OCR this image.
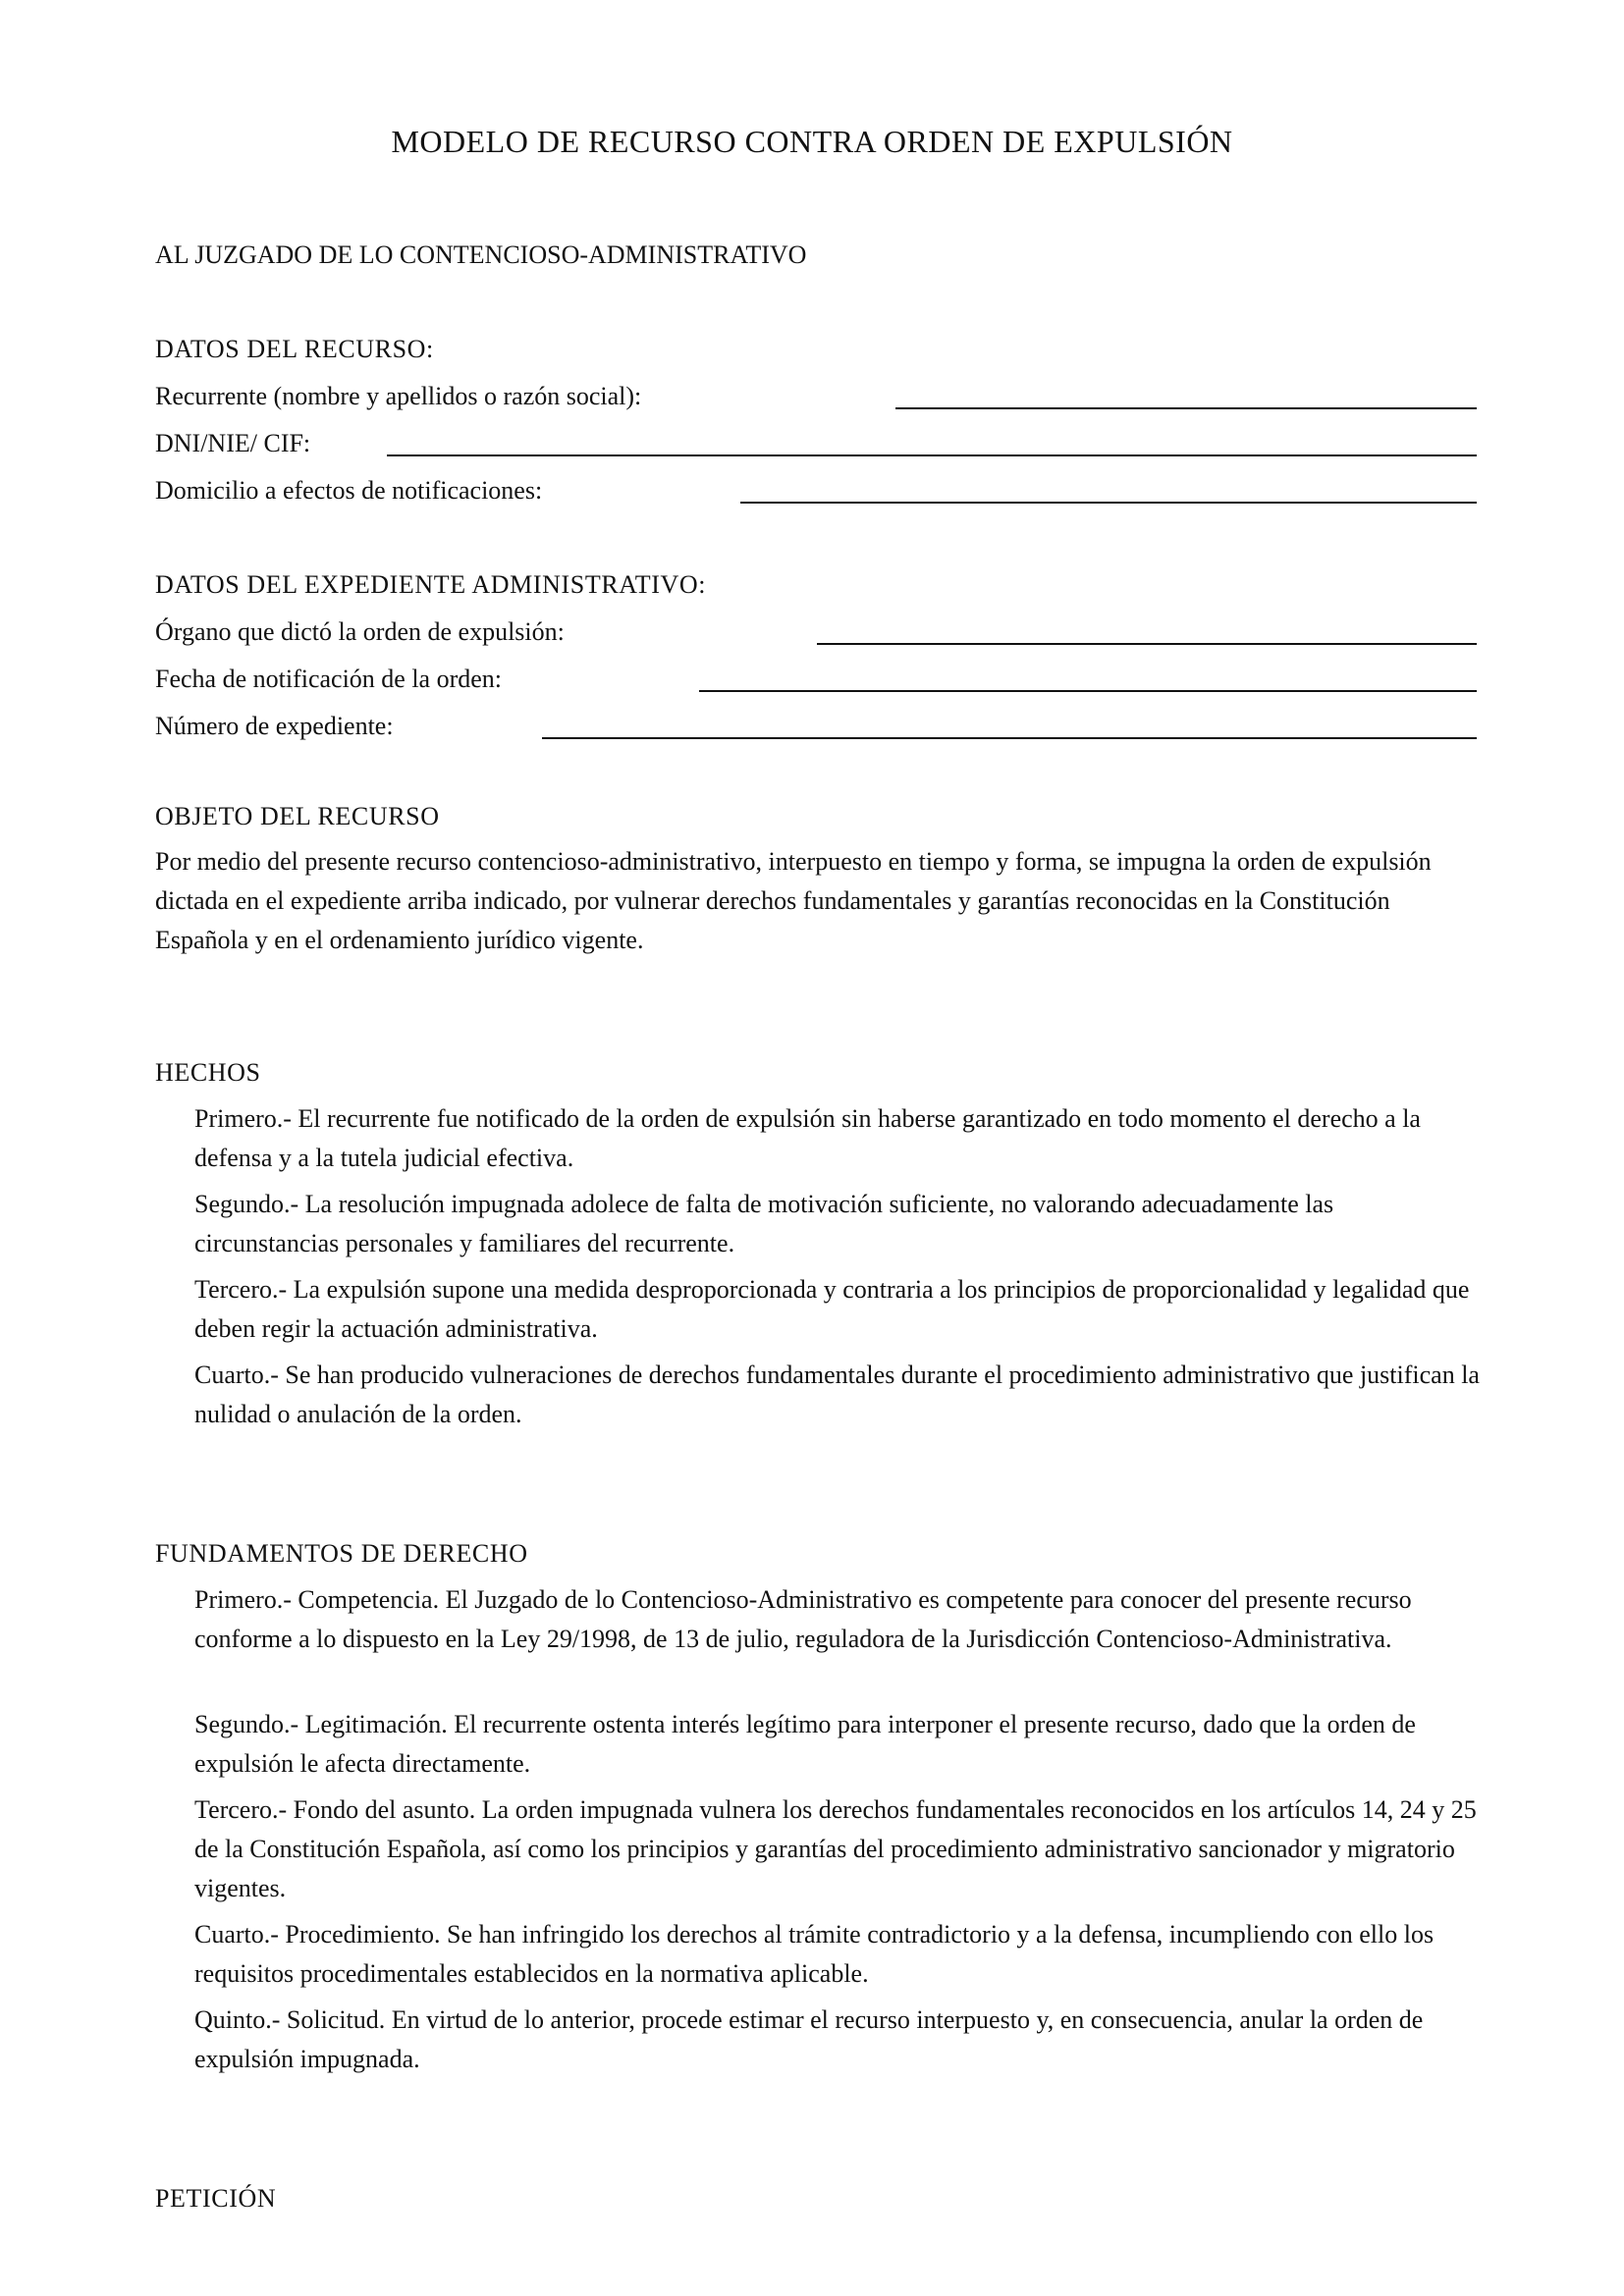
MODELO DE RECURSO CONTRA ORDEN DE EXPULSIÓN
AL JUZGADO DE LO CONTENCIOSO-ADMINISTRATIVO
DATOS DEL RECURSO:
Recurrente (nombre y apellidos o razón social):
DNI/NIE/ CIF:
Domicilio a efectos de notificaciones:
DATOS DEL EXPEDIENTE ADMINISTRATIVO:
Órgano que dictó la orden de expulsión:
Fecha de notificación de la orden:
Número de expediente:
OBJETO DEL RECURSO
Por medio del presente recurso contencioso-administrativo, interpuesto en tiempo y forma, se impugna la orden de expulsión dictada en el expediente arriba indicado, por vulnerar derechos fundamentales y garantías reconocidas en la Constitución Española y en el ordenamiento jurídico vigente.
HECHOS
Primero.- El recurrente fue notificado de la orden de expulsión sin haberse garantizado en todo momento el derecho a la defensa y a la tutela judicial efectiva.
Segundo.- La resolución impugnada adolece de falta de motivación suficiente, no valorando adecuadamente las circunstancias personales y familiares del recurrente.
Tercero.- La expulsión supone una medida desproporcionada y contraria a los principios de proporcionalidad y legalidad que deben regir la actuación administrativa.
Cuarto.- Se han producido vulneraciones de derechos fundamentales durante el procedimiento administrativo que justifican la nulidad o anulación de la orden.
FUNDAMENTOS DE DERECHO
Primero.- Competencia. El Juzgado de lo Contencioso-Administrativo es competente para conocer del presente recurso conforme a lo dispuesto en la Ley 29/1998, de 13 de julio, reguladora de la Jurisdicción Contencioso-Administrativa.
Segundo.- Legitimación. El recurrente ostenta interés legítimo para interponer el presente recurso, dado que la orden de expulsión le afecta directamente.
Tercero.- Fondo del asunto. La orden impugnada vulnera los derechos fundamentales reconocidos en los artículos 14, 24 y 25 de la Constitución Española, así como los principios y garantías del procedimiento administrativo sancionador y migratorio vigentes.
Cuarto.- Procedimiento. Se han infringido los derechos al trámite contradictorio y a la defensa, incumpliendo con ello los requisitos procedimentales establecidos en la normativa aplicable.
Quinto.- Solicitud. En virtud de lo anterior, procede estimar el recurso interpuesto y, en consecuencia, anular la orden de expulsión impugnada.
PETICIÓN
